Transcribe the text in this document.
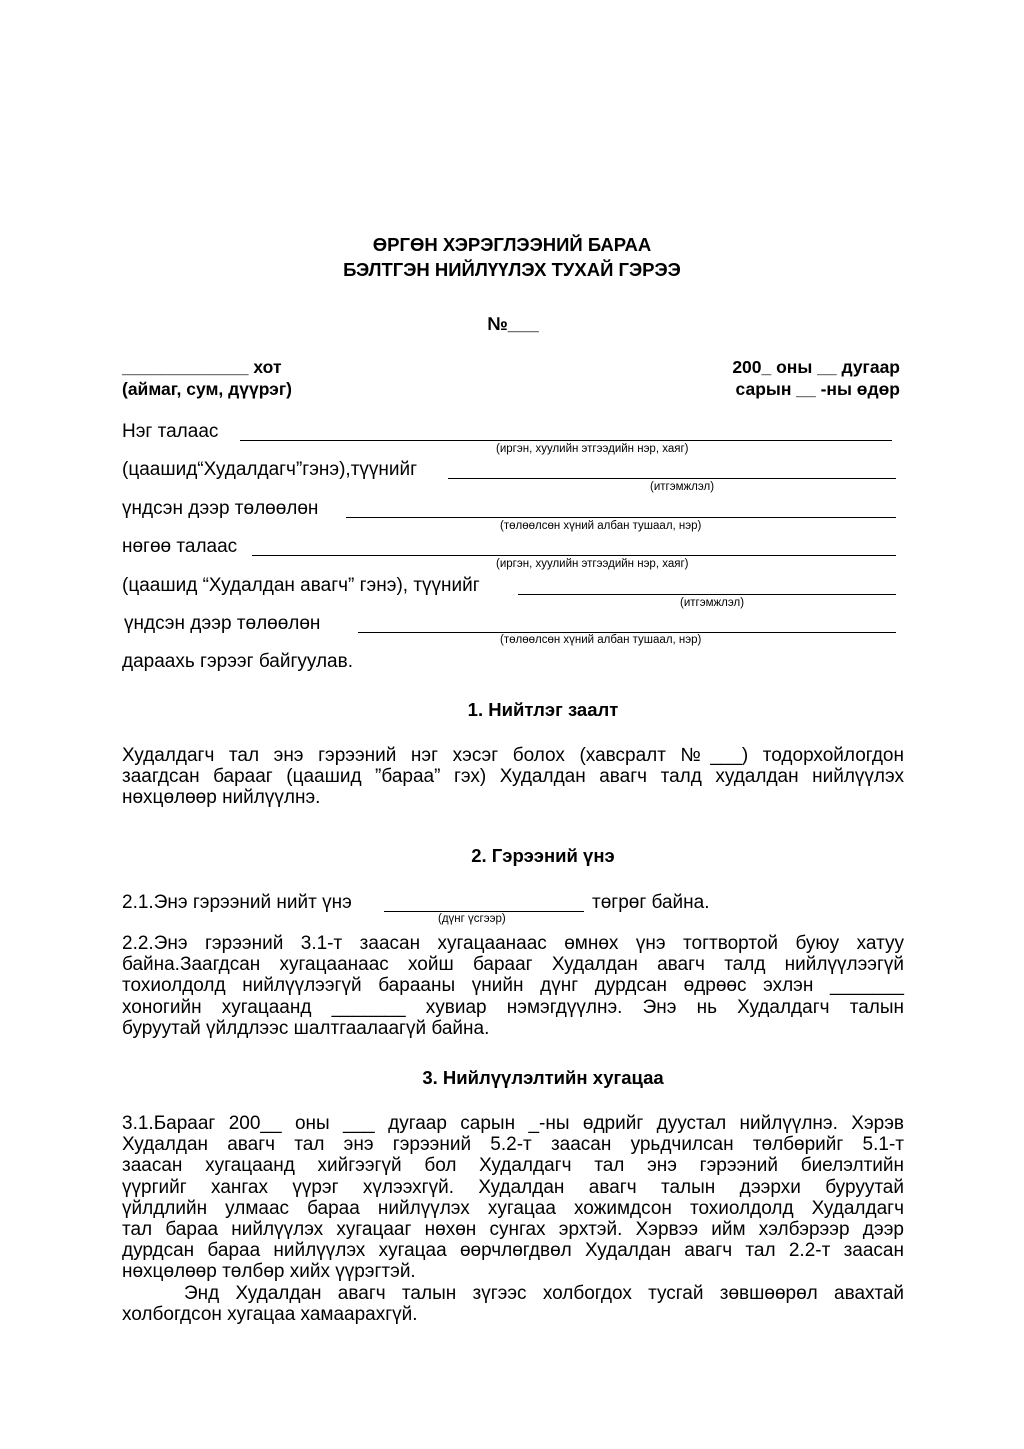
ӨРГӨН ХЭРЭГЛЭЭНИЙ БАРАА
БЭЛТГЭН НИЙЛҮҮЛЭХ ТУХАЙ ГЭРЭЭ
№___
_____________ хот
(аймаг, сум, дүүрэг)
200_ оны __ дугаар
сарын __ -ны өдөр
Нэг талаас
(иргэн, хуулийн этгээдийн нэр, хаяг)
(цаашид“Худалдагч”гэнэ),түүнийг
(итгэмжлэл)
үндсэн дээр төлөөлөн
(төлөөлсөн хүний албан тушаал, нэр)
нөгөө талаас
(иргэн, хуулийн этгээдийн нэр, хаяг)
(цаашид “Худалдан авагч” гэнэ), түүнийг
(итгэмжлэл)
үндсэн дээр төлөөлөн
(төлөөлсөн хүний албан тушаал, нэр)
дараахь гэрээг байгуулав.
1. Нийтлэг заалт
Худалдагч тал энэ гэрээний нэг хэсэг болох (хавсралт №___) тодорхойлогдон
заагдсан барааг (цаашид ”бараа” гэх) Худалдан авагч талд худалдан нийлүүлэх
нөхцөлөөр нийлүүлнэ.
2. Гэрээний үнэ
2.1.Энэ гэрээний нийт үнэ	төгрөг байна.
(дүнг үсгээр)
2.2.Энэ гэрээний 3.1-т заасан хугацаанаас өмнөх үнэ тогтвортой буюу хатуу
байна.Заагдсан хугацаанаас хойш барааг Худалдан авагч талд нийлүүлээгүй
тохиолдолд нийлүүлээгүй барааны үнийн дүнг дурдсан өдрөөс эхлэн _______
хоногийн хугацаанд _______ хувиар нэмэгдүүлнэ. Энэ нь Худалдагч талын
буруутай үйлдлээс шалтгаалаагүй байна.
3. Нийлүүлэлтийн хугацаа
3.1.Барааг 200__ оны ___ дугаар сарын _-ны өдрийг дуустал нийлүүлнэ. Хэрэв
Худалдан авагч тал энэ гэрээний 5.2-т заасан урьдчилсан төлбөрийг 5.1-т
заасан хугацаанд хийгээгүй бол Худалдагч тал энэ гэрээний биелэлтийн
үүргийг хангах үүрэг хүлээхгүй. Худалдан авагч талын дээрхи буруутай
үйлдлийн улмаас бараа нийлүүлэх хугацаа хожимдсон тохиолдолд Худалдагч
тал бараа нийлүүлэх хугацааг нөхөн сунгах эрхтэй. Хэрвээ ийм хэлбэрээр дээр
дурдсан бараа нийлүүлэх хугацаа өөрчлөгдвөл Худалдан авагч тал 2.2-т заасан
нөхцөлөөр төлбөр хийх үүрэгтэй.
Энд Худалдан авагч талын зүгээс холбогдох тусгай зөвшөөрөл авахтай
холбогдсон хугацаа хамаарахгүй.
